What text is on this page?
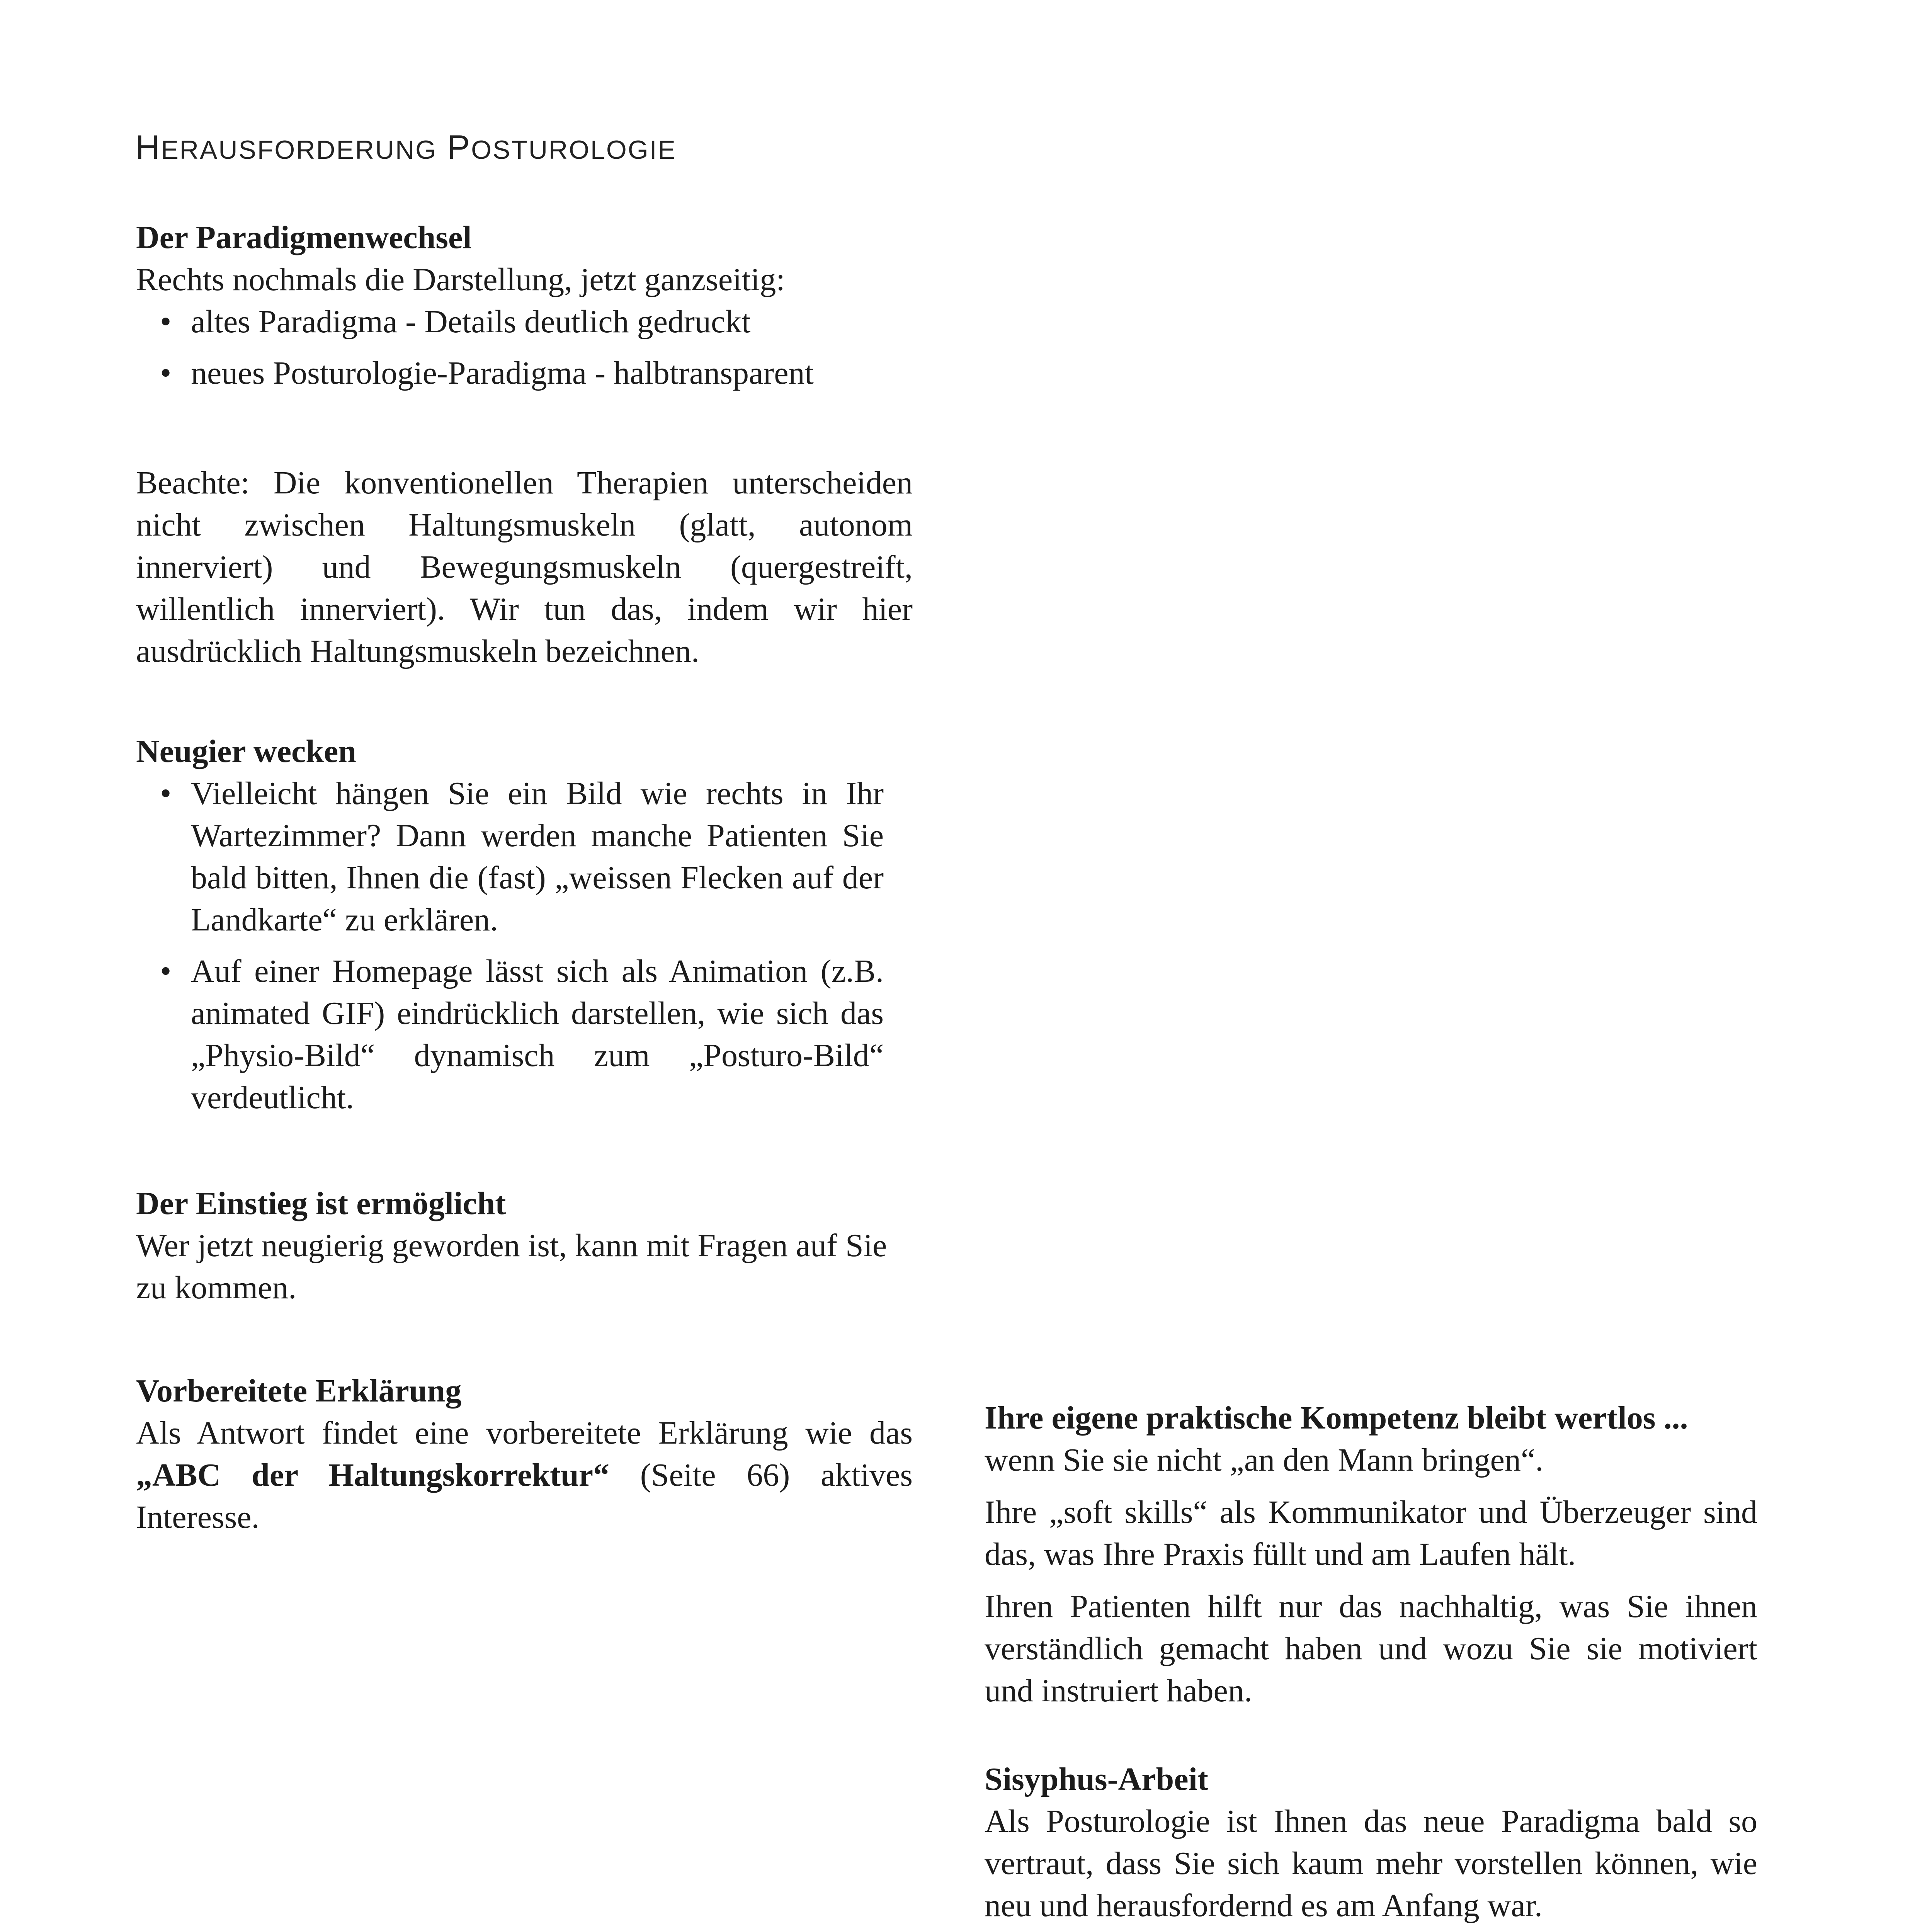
HERAUSFORDERUNG POSTUROLOGIE

Der Paradigmenwechsel

Rechts nochmals die Darstellung, jetzt ganzseitig:

• altes Paradigma - Details deutlich gedruckt
• neues Posturologie-Paradigma - halbtransparent

Beachte: Die konventionellen Therapien unterscheiden nicht zwischen Haltungsmuskeln (glatt, autonom innerviert) und Bewegungsmuskeln (quergestreift, willentlich innerviert). Wir tun das, indem wir hier ausdrücklich Haltungsmuskeln bezeichnen.

Neugier wecken

• Vielleicht hängen Sie ein Bild wie rechts in Ihr Wartezimmer? Dann werden manche Patienten Sie bald bitten, Ihnen die (fast) „weissen Flecken auf der Landkarte“ zu erklären.
• Auf einer Homepage lässt sich als Animation (z.B. animated GIF) eindrücklich darstellen, wie sich das „Physio-Bild“ dynamisch zum „Posturo-Bild“ verdeutlicht.

Der Einstieg ist ermöglicht

Wer jetzt neugierig geworden ist, kann mit Fragen auf Sie zu kommen.

Vorbereitete Erklärung

Als Antwort findet eine vorbereitete Erklärung wie das „ABC der Haltungskorrektur“ (Seite 66) aktives Interesse.

Ihre eigene praktische Kompetenz bleibt wertlos ...

wenn Sie sie nicht „an den Mann bringen“.

Ihre „soft skills“ als Kommunikator und Überzeuger sind das, was Ihre Praxis füllt und am Laufen hält.

Ihren Patienten hilft nur das nachhaltig, was Sie ihnen verständlich gemacht haben und wozu Sie sie motiviert und instruiert haben.

Sisyphus-Arbeit

Als Posturologie ist Ihnen das neue Paradigma bald so vertraut, dass Sie sich kaum mehr vorstellen können, wie neu und herausfordernd es am Anfang war.
